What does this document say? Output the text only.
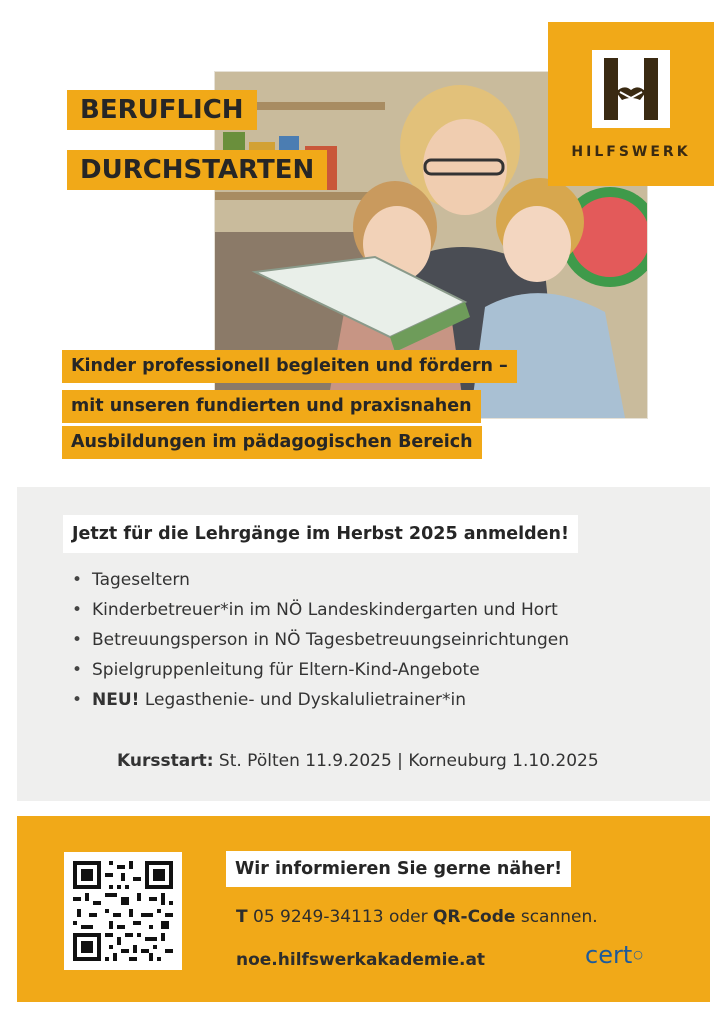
HILFSWERK
BERUFLICH
DURCHSTARTEN
Kinder professionell begleiten und fördern –
mit unseren fundierten und praxisnahen
Ausbildungen im pädagogischen Bereich
Jetzt für die Lehrgänge im Herbst 2025 anmelden!
• Tageseltern
• Kinderbetreuer*in im NÖ Landeskindergarten und Hort
• Betreuungsperson in NÖ Tagesbetreuungseinrichtungen
• Spielgruppenleitung für Eltern-Kind-Angebote
• NEU! Legasthenie- und Dyskalulietrainer*in
Kursstart: St. Pölten 11.9.2025 | Korneuburg 1.10.2025
Wir informieren Sie gerne näher!
T 05 9249-34113 oder QR-Code scannen.
noe.hilfswerkakademie.at	cert○
